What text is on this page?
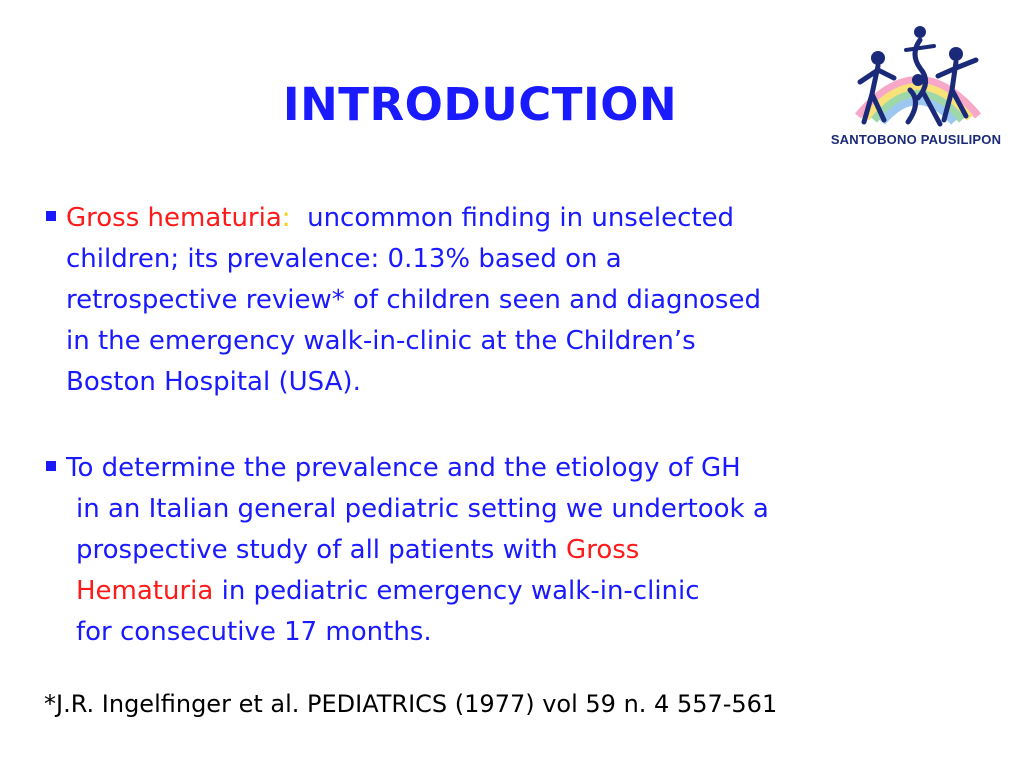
INTRODUCTION
SANTOBONO PAUSILIPON
Gross hematuria: uncommon finding in unselected
children; its prevalence: 0.13% based on a
retrospective review* of children seen and diagnosed
in the emergency walk-in-clinic at the Children’s
Boston Hospital (USA).
To determine the prevalence and the etiology of GH
in an Italian general pediatric setting we undertook a
prospective study of all patients with Gross
Hematuria in pediatric emergency walk-in-clinic
for consecutive 17 months.
*J.R. Ingelfinger et al. PEDIATRICS (1977) vol 59 n. 4 557-561
